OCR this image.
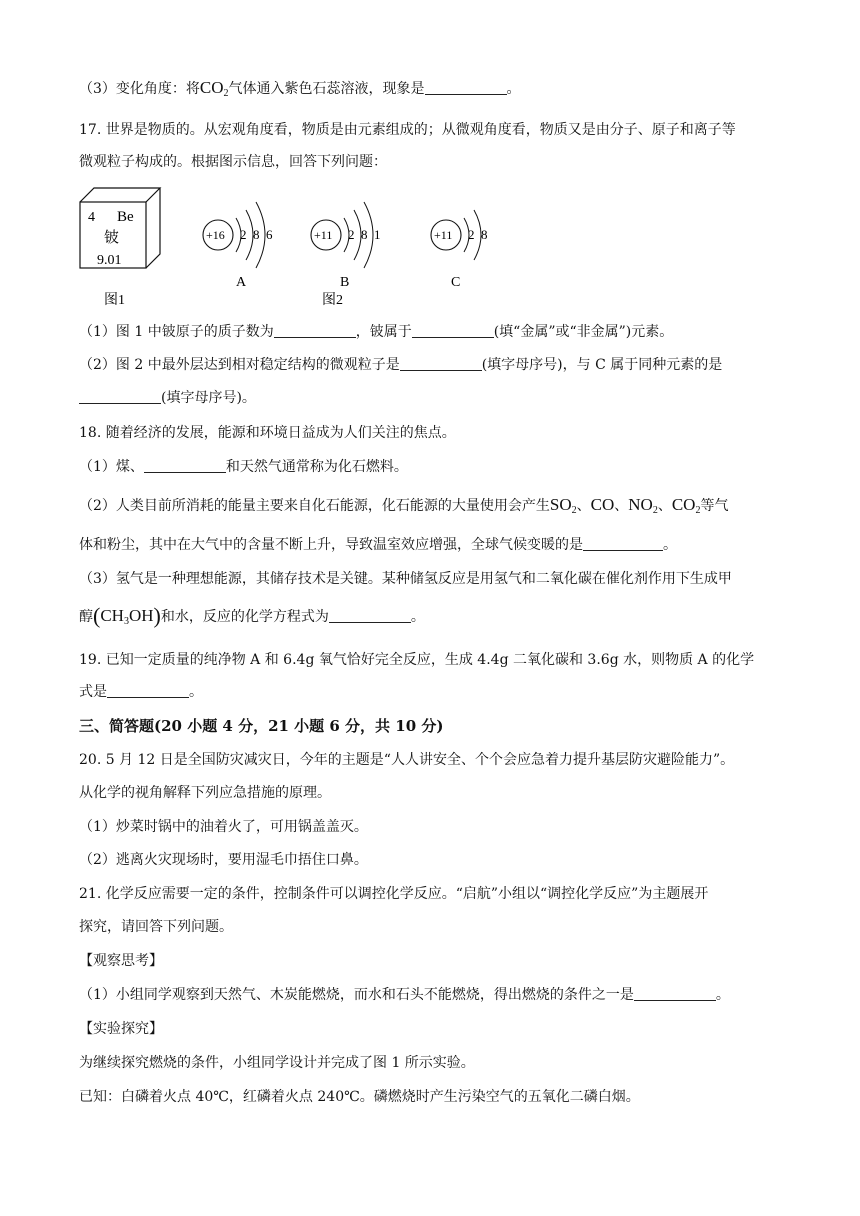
（3）变化角度：将$CO_2$气体通入紫色石蕊溶液，现象是	。
17. 世界是物质的。从宏观角度看，物质是由元素组成的；从微观角度看，物质又是由分子、原子和离子等
微观粒子构成的。根据图示信息，回答下列问题：
4 Be
铍
9.01
图1
+16 2 8 6
A
+11 2 8 1
B
图2
+11 2 8
C
（1）图 1 中铍原子的质子数为	，铍属于	(填“金属”或“非金属”)元素。
（2）图 2 中最外层达到相对稳定结构的微观粒子是	(填字母序号)，与 C 属于同种元素的是
(填字母序号)。
18. 随着经济的发展，能源和环境日益成为人们关注的焦点。
（1）煤、	和天然气通常称为化石燃料。
（2）人类目前所消耗的能量主要来自化石能源，化石能源的大量使用会产生$SO_2$、CO、$NO_2$、$CO_2$等气
体和粉尘，其中在大气中的含量不断上升，导致温室效应增强，全球气候变暖的是	。
（3）氢气是一种理想能源，其储存技术是关键。某种储氢反应是用氢气和二氧化碳在催化剂作用下生成甲
醇$(CH_3OH)$和水，反应的化学方程式为	。
19. 已知一定质量的纯净物 A 和 6.4g 氧气恰好完全反应，生成 4.4g 二氧化碳和 3.6g 水，则物质 A 的化学
式是	。
三、简答题(20 小题 4 分，21 小题 6 分，共 10 分)
20. 5 月 12 日是全国防灾减灾日，今年的主题是“人人讲安全、个个会应急着力提升基层防灾避险能力”。
从化学的视角解释下列应急措施的原理。
（1）炒菜时锅中的油着火了，可用锅盖盖灭。
（2）逃离火灾现场时，要用湿毛巾捂住口鼻。
21. 化学反应需要一定的条件，控制条件可以调控化学反应。“启航”小组以“调控化学反应”为主题展开
探究，请回答下列问题。
【观察思考】
（1）小组同学观察到天然气、木炭能燃烧，而水和石头不能燃烧，得出燃烧的条件之一是	。
【实验探究】
为继续探究燃烧的条件，小组同学设计并完成了图 1 所示实验。
已知：白磷着火点 40℃，红磷着火点 240℃。磷燃烧时产生污染空气的五氧化二磷白烟。
